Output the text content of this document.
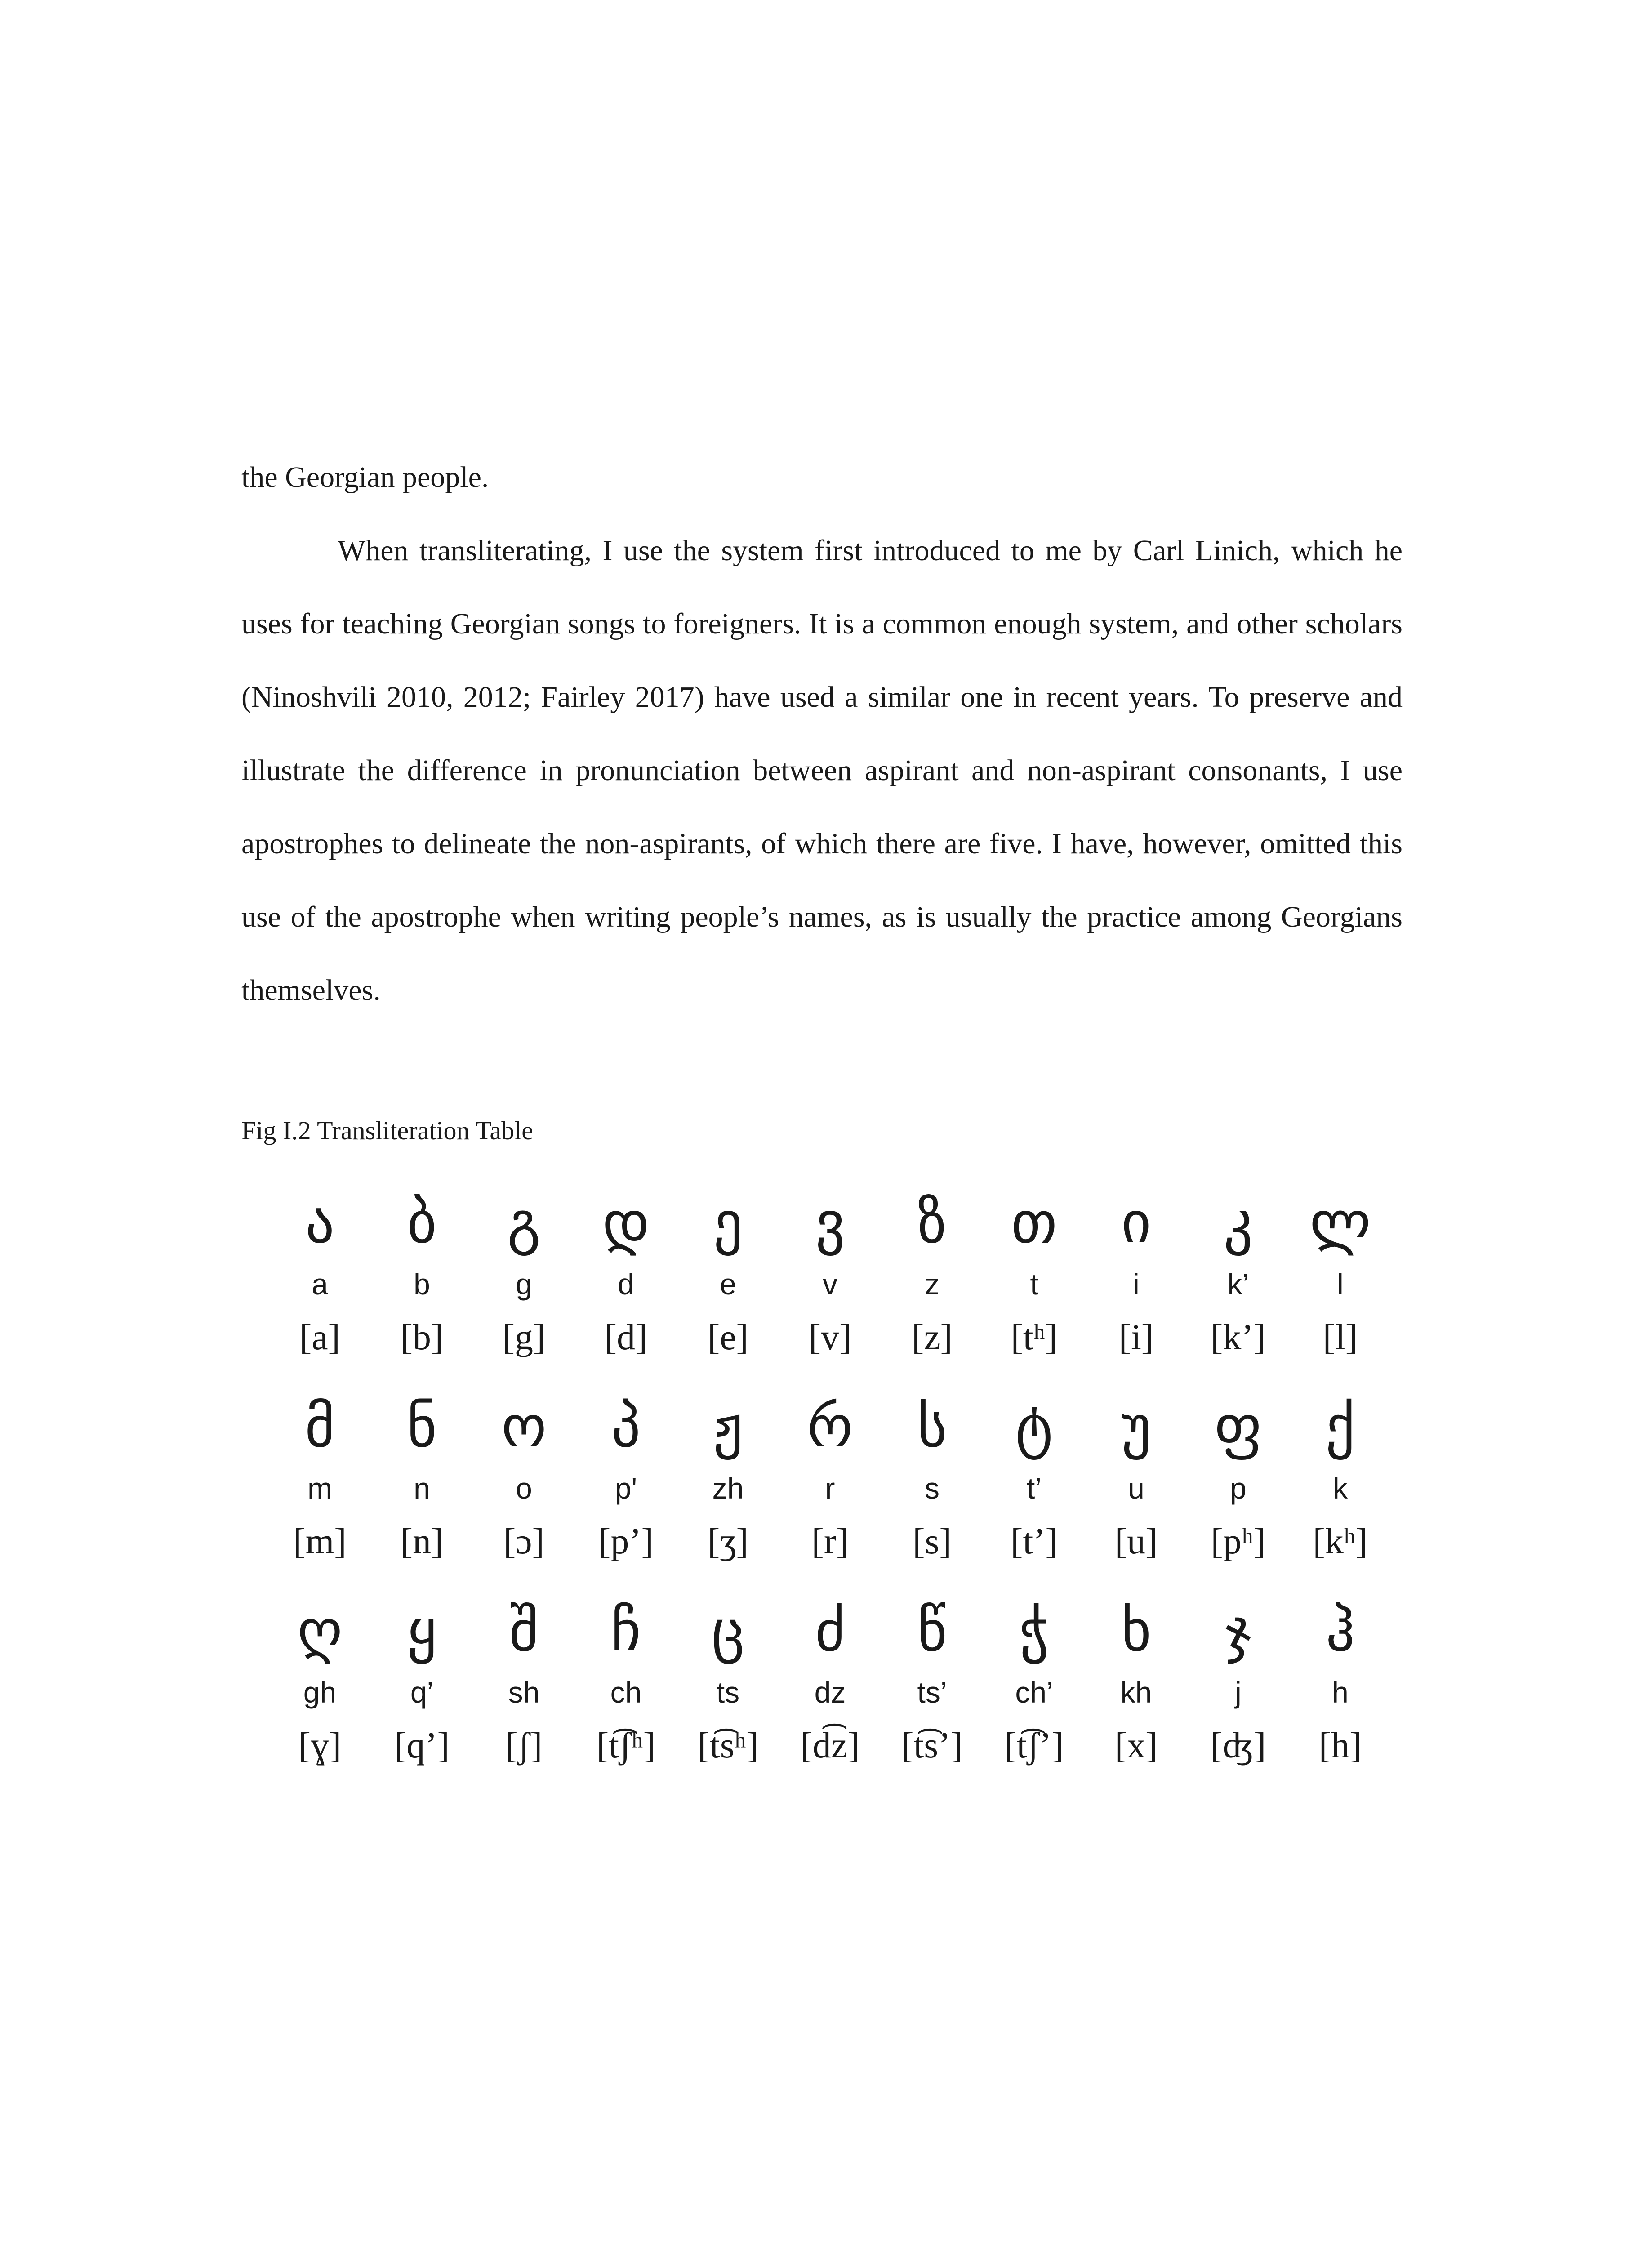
the Georgian people.

When transliterating, I use the system first introduced to me by Carl Linich, which he uses for teaching Georgian songs to foreigners. It is a common enough system, and other scholars (Ninoshvili 2010, 2012; Fairley 2017) have used a similar one in recent years. To preserve and illustrate the difference in pronunciation between aspirant and non-aspirant consonants, I use apostrophes to delineate the non-aspirants, of which there are five. I have, however, omitted this use of the apostrophe when writing people’s names, as is usually the practice among Georgians themselves.

Fig I.2 Transliteration Table
ა
a
[a]
ბ
b
[b]
გ
g
[g]
დ
d
[d]
ე
e
[e]
ვ
v
[v]
ზ
z
[z]
თ
t
[tʰ]
ი
i
[i]
კ
k’
[k’]
ლ
l
[l]
მ
m
[m]
ნ
n
[n]
ო
o
[ɔ]
პ
p'
[p’]
ჟ
zh
[ʒ]
რ
r
[r]
ს
s
[s]
ტ
t’
[t’]
უ
u
[u]
ფ
p
[pʰ]
ქ
k
[kʰ]
ღ
gh
[ɣ]
ყ
q’
[q’]
შ
sh
[ʃ]
ჩ
ch
[t͡ʃʰ]
ც
ts
[t͡sʰ]
ძ
dz
[d͡z]
წ
ts’
[t͡s’]
ჭ
ch’
[t͡ʃ’]
ხ
kh
[x]
ჯ
j
[ʤ]
ჰ
h
[h]
